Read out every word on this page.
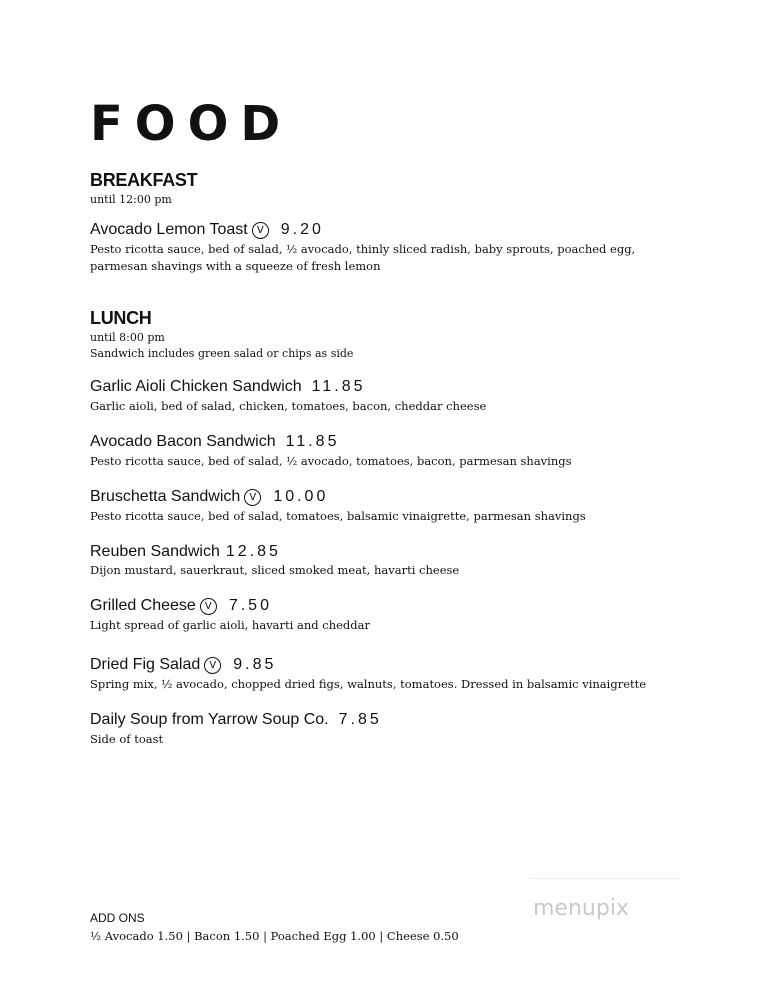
FOOD
BREAKFAST
until 12:00 pm
Avocado Lemon Toast V 9.20
Pesto ricotta sauce, bed of salad, ½ avocado, thinly sliced radish, baby sprouts, poached egg,
parmesan shavings with a squeeze of fresh lemon
LUNCH
until 8:00 pm
Sandwich includes green salad or chips as side
Garlic Aioli Chicken Sandwich 11.85
Garlic aioli, bed of salad, chicken, tomatoes, bacon, cheddar cheese
Avocado Bacon Sandwich 11.85
Pesto ricotta sauce, bed of salad, ½ avocado, tomatoes, bacon, parmesan shavings
Bruschetta Sandwich V 10.00
Pesto ricotta sauce, bed of salad, tomatoes, balsamic vinaigrette, parmesan shavings
Reuben Sandwich 12.85
Dijon mustard, sauerkraut, sliced smoked meat, havarti cheese
Grilled Cheese V 7.50
Light spread of garlic aioli, havarti and cheddar
Dried Fig Salad V 9.85
Spring mix, ½ avocado, chopped dried figs, walnuts, tomatoes. Dressed in balsamic vinaigrette
Daily Soup from Yarrow Soup Co. 7.85
Side of toast
ADD ONS
½ Avocado 1.50 | Bacon 1.50 | Poached Egg 1.00 | Cheese 0.50
menupix
